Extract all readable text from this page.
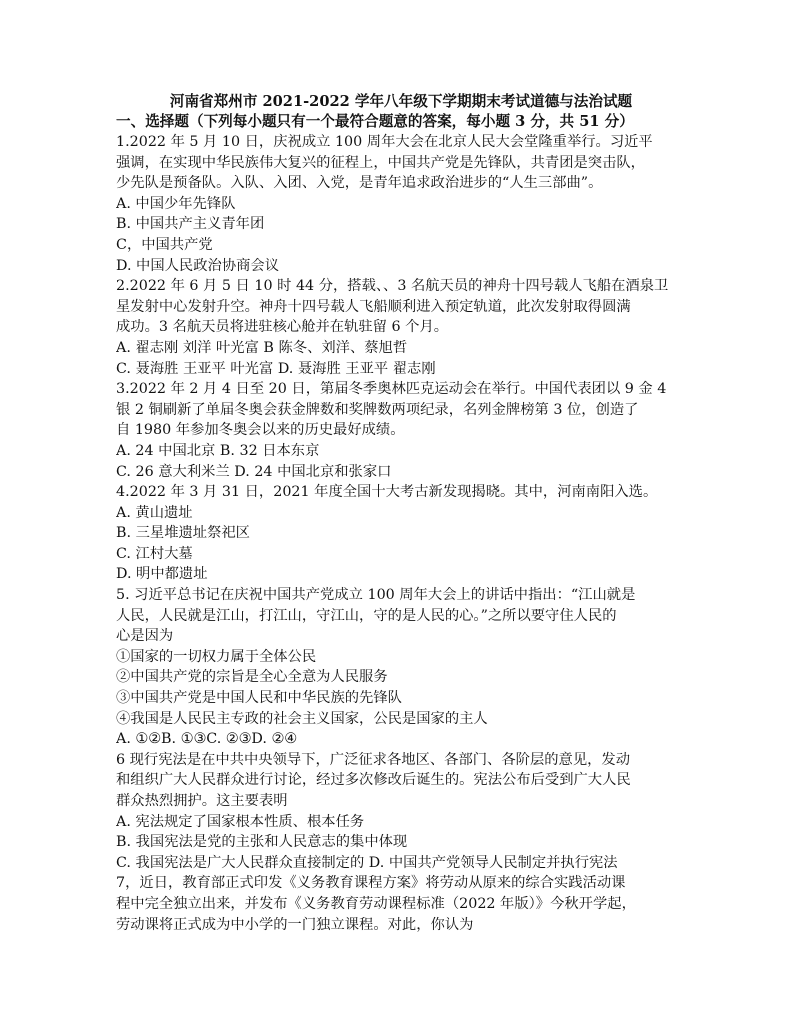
河南省郑州市 2021-2022 学年八年级下学期期末考试道德与法治试题

一、选择题（下列每小题只有一个最符合题意的答案，每小题 3 分，共 51 分）

1.2022 年 5 月 10 日，庆祝成立 100 周年大会在北京人民大会堂隆重举行。习近平

强调，在实现中华民族伟大复兴的征程上，中国共产党是先锋队，共青团是突击队，

少先队是预备队。入队、入团、入党，是青年追求政治进步的“人生三部曲”。

A. 中国少年先锋队

B. 中国共产主义青年团

C，中国共产党

D. 中国人民政治协商会议

2.2022 年 6 月 5 日 10 时 44 分，搭载、、3 名航天员的神舟十四号载人飞船在酒泉卫

星发射中心发射升空。神舟十四号载人飞船顺利进入预定轨道，此次发射取得圆满

成功。3 名航天员将进驻核心舱并在轨驻留 6 个月。

A. 翟志刚 刘洋 叶光富 B 陈冬、刘洋、蔡旭哲

C. 聂海胜 王亚平 叶光富 D. 聂海胜 王亚平 翟志刚

3.2022 年 2 月 4 日至 20 日，第届冬季奥林匹克运动会在举行。中国代表团以 9 金 4

银 2 铜刷新了单届冬奥会获金牌数和奖牌数两项纪录，名列金牌榜第 3 位，创造了

自 1980 年参加冬奥会以来的历史最好成绩。

A. 24 中国北京 B. 32 日本东京

C. 26 意大利米兰 D. 24 中国北京和张家口

4.2022 年 3 月 31 日，2021 年度全国十大考古新发现揭晓。其中，河南南阳入选。

A. 黄山遗址

B. 三星堆遗址祭祀区

C. 江村大墓

D. 明中都遗址

5. 习近平总书记在庆祝中国共产党成立 100 周年大会上的讲话中指出：“江山就是

人民，人民就是江山，打江山，守江山，守的是人民的心。”之所以要守住人民的

心是因为

①国家的一切权力属于全体公民

②中国共产党的宗旨是全心全意为人民服务

③中国共产党是中国人民和中华民族的先锋队

④我国是人民民主专政的社会主义国家，公民是国家的主人

A. ①②B. ①③C. ②③D. ②④

6 现行宪法是在中共中央领导下，广泛征求各地区、各部门、各阶层的意见，发动

和组织广大人民群众进行讨论，经过多次修改后诞生的。宪法公布后受到广大人民

群众热烈拥护。这主要表明

A. 宪法规定了国家根本性质、根本任务

B. 我国宪法是党的主张和人民意志的集中体现

C. 我国宪法是广大人民群众直接制定的 D. 中国共产党领导人民制定并执行宪法

7，近日，教育部正式印发《义务教育课程方案》将劳动从原来的综合实践活动课

程中完全独立出来，并发布《义务教育劳动课程标准（2022 年版）》今秋开学起，

劳动课将正式成为中小学的一门独立课程。对此，你认为
